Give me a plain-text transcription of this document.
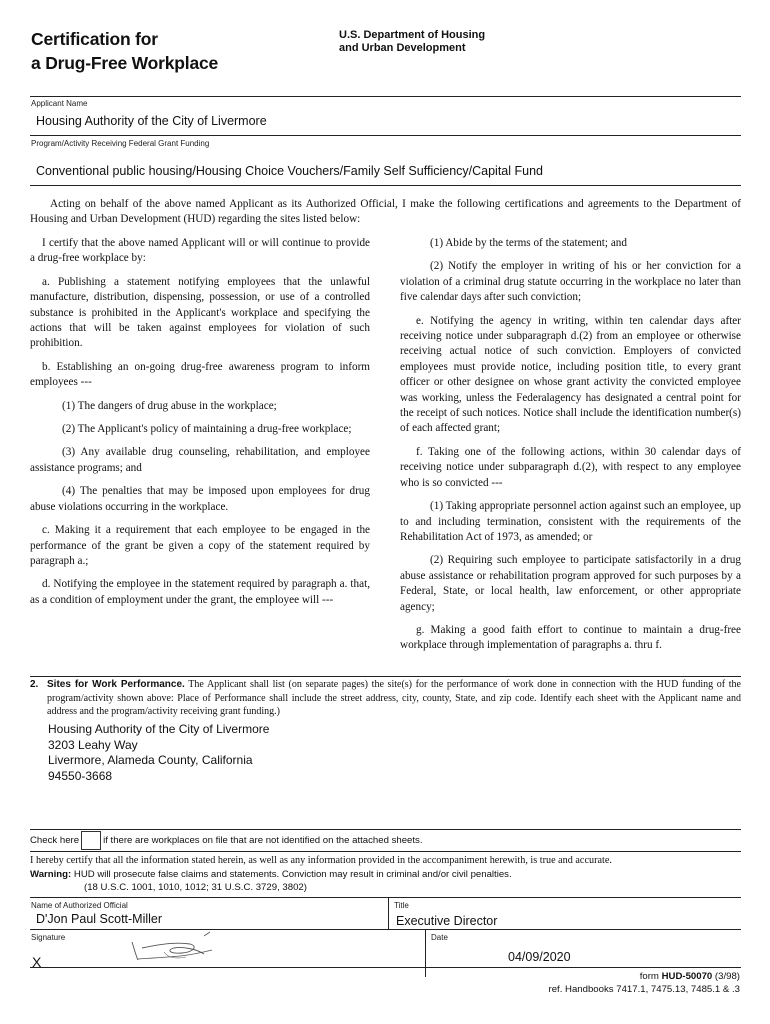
Certification for
a Drug-Free Workplace
U.S. Department of Housing
and Urban Development
Applicant Name
Housing Authority of the City of Livermore
Program/Activity Receiving Federal Grant Funding
Conventional public housing/Housing Choice Vouchers/Family Self Sufficiency/Capital Fund
Acting on behalf of the above named Applicant as its Authorized Official, I make the following certifications and agreements to the Department of Housing and Urban Development (HUD) regarding the sites listed below:

I certify that the above named Applicant will or will continue to provide a drug-free workplace by:

a. Publishing a statement notifying employees that the unlawful manufacture, distribution, dispensing, possession, or use of a controlled substance is prohibited in the Applicant's workplace and specifying the actions that will be taken against employees for violation of such prohibition.

b. Establishing an on-going drug-free awareness program to inform employees ---

(1) The dangers of drug abuse in the workplace;

(2) The Applicant's policy of maintaining a drug-free workplace;

(3) Any available drug counseling, rehabilitation, and employee assistance programs; and

(4) The penalties that may be imposed upon employees for drug abuse violations occurring in the workplace.

c. Making it a requirement that each employee to be engaged in the performance of the grant be given a copy of the statement required by paragraph a.;

d. Notifying the employee in the statement required by paragraph a. that, as a condition of employment under the grant, the employee will ---

(1) Abide by the terms of the statement; and

(2) Notify the employer in writing of his or her conviction for a violation of a criminal drug statute occurring in the workplace no later than five calendar days after such conviction;

e. Notifying the agency in writing, within ten calendar days after receiving notice under subparagraph d.(2) from an employee or otherwise receiving actual notice of such conviction. Employers of convicted employees must provide notice, including position title, to every grant officer or other designee on whose grant activity the convicted employee was working, unless the Federalagency has designated a central point for the receipt of such notices. Notice shall include the identification number(s) of each affected grant;

f. Taking one of the following actions, within 30 calendar days of receiving notice under subparagraph d.(2), with respect to any employee who is so convicted ---

(1) Taking appropriate personnel action against such an employee, up to and including termination, consistent with the requirements of the Rehabilitation Act of 1973, as amended; or

(2) Requiring such employee to participate satisfactorily in a drug abuse assistance or rehabilitation program approved for such purposes by a Federal, State, or local health, law enforcement, or other appropriate agency;

g. Making a good faith effort to continue to maintain a drug-free workplace through implementation of paragraphs a. thru f.

2. Sites for Work Performance. The Applicant shall list (on separate pages) the site(s) for the performance of work done in connection with the HUD funding of the program/activity shown above: Place of Performance shall include the street address, city, county, State, and zip code. Identify each sheet with the Applicant name and address and the program/activity receiving grant funding.)
Housing Authority of the City of Livermore
3203 Leahy Way
Livermore, Alameda County, California
94550-3668
Check here	if there are workplaces on file that are not identified on the attached sheets.
I hereby certify that all the information stated herein, as well as any information provided in the accompaniment herewith, is true and accurate.
Warning: HUD will prosecute false claims and statements. Conviction may result in criminal and/or civil penalties.
(18 U.S.C. 1001, 1010, 1012; 31 U.S.C. 3729, 3802)
Name of Authorized Official
D'Jon Paul Scott-Miller
Title
Executive Director
Signature
X
Date
04/09/2020
form HUD-50070 (3/98)
ref. Handbooks 7417.1, 7475.13, 7485.1 & .3
